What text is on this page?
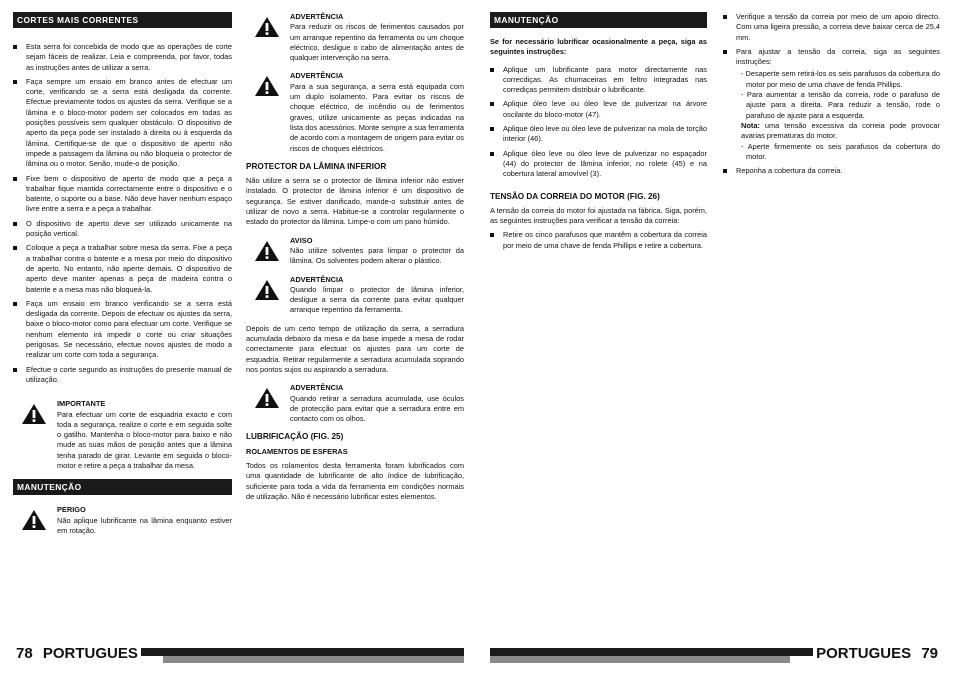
CORTES MAIS CORRENTES
Esta serra foi concebida de modo que as operações de corte sejam fáceis de realizar. Leia e compreenda, por favor, todas as instruções antes de utilizar a serra.
Faça sempre um ensaio em branco antes de efectuar um corte, verificando se a serra está desligada da corrente. Efectue previamente todos os ajustes da serra. Verifique se a lâmina e o bloco-motor podem ser colocados em todas as posições possíveis sem qualquer obstáculo. O dispositivo de aperto da peça pode ser instalado à direita ou à esquerda da lâmina. Certifique-se de que o dispositivo de aperto não impede a passagem da lâmina ou não bloqueia o protector de lâmina ou o motor. Senão, mude-o de posição.
Fixe bem o dispositivo de aperto de modo que a peça a trabalhar fique mantida correctamente entre o dispositivo e o batente, o suporte ou a base. Não deve haver nenhum espaço livre entre a serra e a peça a trabalhar.
O dispositivo de aperto deve ser utilizado unicamente na posição vertical.
Coloque a peça a trabalhar sobre mesa da serra. Fixe a peça a trabalhar contra o batente e a mesa por meio do dispositivo de aperto. No entanto, não aperte demais. O dispositivo de aperto deve manter apenas a peça de madeira contra o batente e a mesa mas não bloqueá-la.
Faça um ensaio em branco verificando se a serra está desligada da corrente. Depois de efectuar os ajustes da serra, baixe o bloco-motor como para efectuar um corte. Verifique se nenhum elemento irá impedir o corte ou criar situações perigosas. Se necessário, efectue novos ajustes de modo a realizar um corte com toda a segurança.
Efectue o corte segundo as instruções do presente manual de utilização.
IMPORTANTE
Para efectuar um corte de esquadria exacto e com toda a segurança, realize o corte e em seguida solte o gatilho. Mantenha o bloco-motor para baixo e não mude as suas mãos de posição antes que a lâmina tenha parado de girar. Levante em seguida o bloco-motor e retire a peça a trabalhar da mesa.
MANUTENÇÃO
PERIGO
Não aplique lubrificante na lâmina enquanto estiver em rotação.
ADVERTÊNCIA
Para reduzir os riscos de ferimentos causados por um arranque repentino da ferramenta ou um choque eléctrico, desligue o cabo de alimentação antes de qualquer intervenção na serra.
ADVERTÊNCIA
Para a sua segurança, a serra está equipada com um duplo isolamento. Para evitar os riscos de choque eléctrico, de incêndio ou de ferimentos graves, utilize unicamente as peças indicadas na lista dos acessórios. Monte sempre a sua ferramenta de acordo com a montagem de origem para evitar os riscos de choques eléctricos.
PROTECTOR DA LÂMINA INFERIOR

Não utilize a serra se o protector de lâmina inferior não estiver instalado. O protector de lâmina inferior é um dispositivo de segurança. Se estiver danificado, mande-o substituir antes de utilizar de novo a serra. Habitue-se a controlar regularmente o estado do protector da lâmina. Limpe-o com um pano húmido.

AVISO
Não utilize solventes para limpar o protector da lâmina. Os solventes podem alterar o plástico.
ADVERTÊNCIA
Quando limpar o protector de lâmina inferior, desligue a serra da corrente para evitar qualquer arranque repentino da ferramenta.

Depois de um certo tempo de utilização da serra, a serradura acumulada debaixo da mesa e da base impede a mesa de rodar correctamente para efectuar os ajustes para um corte de esquadria. Retirar regularmente a serradura acumulada soprando nos pontos sujos ou aspirando a serradura.

ADVERTÊNCIA
Quando retirar a serradura acumulada, use óculos de protecção para evitar que a serradura entre em contacto com os olhos.
LUBRIFICAÇÃO (FIG. 25)
ROLAMENTOS DE ESFERAS

Todos os rolamentos desta ferramenta foram lubrificados com uma quantidade de lubrificante de alto índice de lubrificação, suficiente para toda a vida da ferramenta em condições normais de utilização. Não é necessário lubrificar estes elementos.

MANUTENÇÃO

Se for necessário lubrificar ocasionalmente a peça, siga as seguintes instruções:

Aplique um lubrificante para motor directamente nas correcdiças. As chumaceiras em feltro integradas nas corrediças permitem distribuir o lubrificante.
Aplique óleo leve ou óleo leve de pulverizar na árvore oscilante do bloco-motor (47).
Aplique óleo leve ou óleo leve de pulverizar na mola de torção interior (46).
Aplique óleo leve ou óleo leve de pulverizar no espaçador (44) do protector de lâmina inferior, no rolete (45) e na cobertura lateral amovível (3).
TENSÃO DA CORREIA DO MOTOR (FIG. 26)

A tensão da correia do motor foi ajustada na fábrica. Siga, porém, as seguintes instruções para verificar a tensão da correia:

Retire os cinco parafusos que mantêm a cobertura da correia por meio de uma chave de fenda Phillips e retire a cobertura.
Verifique a tensão da correia por meio de um apoio directo. Com uma ligeira pressão, a correia deve baixar cerca de 25,4 mm.
Para ajustar a tensão da correia, siga as seguintes instruções:

- Desaperte sem retirá-los os seis parafusos da cobertura do motor por meio de uma chave de fenda Phillips.

- Para aumentar a tensão da correia, rode o parafuso de ajuste para a direita. Para reduzir a tensão, rode o parafuso de ajuste para a esquerda.

Nota: uma tensão excessiva da correia pode provocar avarias prematuras do motor.

- Aperte firmemente os seis parafusos da cobertura do motor.

Reponha a cobertura da correia.
78 PORTUGUES	PORTUGUES 79
